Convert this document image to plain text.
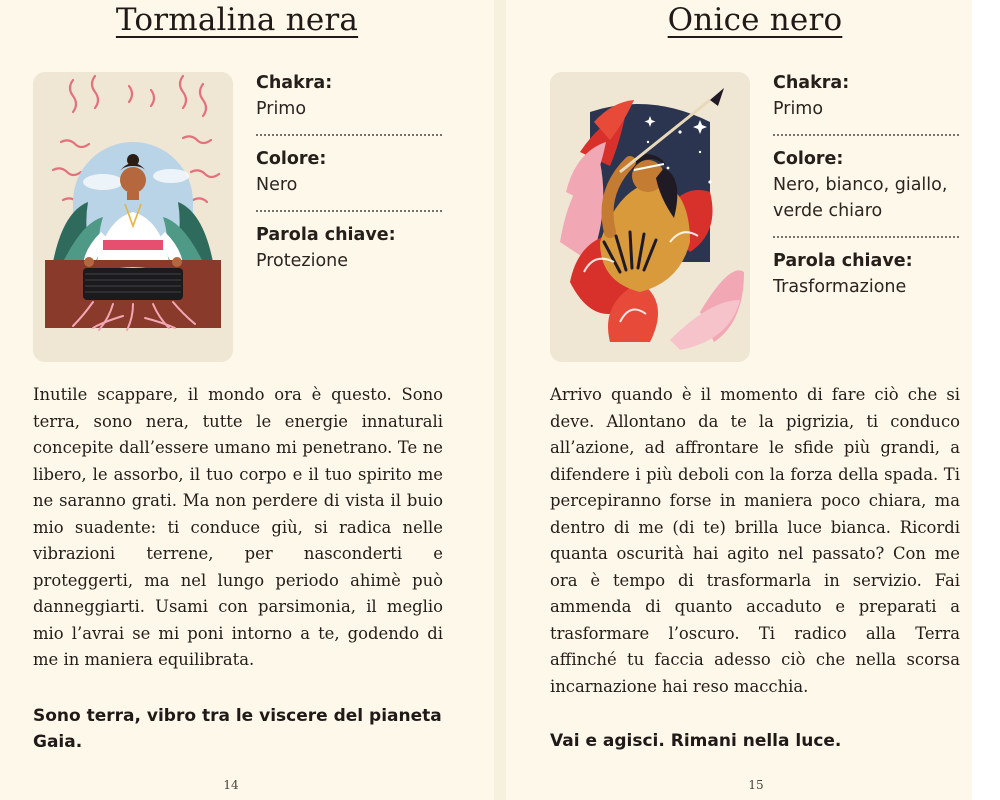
Tormalina nera
Chakra:
Primo
Colore:
Nero
Parola chiave:
Protezione

Inutile scappare, il mondo ora è questo. Sono terra, sono nera, tutte le energie innaturali concepite dall’essere umano mi penetrano. Te ne libero, le assorbo, il tuo corpo e il tuo spirito me ne saranno grati. Ma non perdere di vista il buio mio suadente: ti conduce giù, si radica nelle vibrazioni terrene, per nasconderti e proteggerti, ma nel lungo periodo ahimè può danneggiarti. Usami con parsimonia, il meglio mio l’avrai se mi poni intorno a te, godendo di me in maniera equilibrata.

Sono terra, vibro tra le viscere del pianeta Gaia.

14
Onice nero
Chakra:
Primo
Colore:
Nero, bianco, giallo, verde chiaro
Parola chiave:
Trasformazione

Arrivo quando è il momento di fare ciò che si deve. Allontano da te la pigrizia, ti conduco all’azione, ad affrontare le sfide più grandi, a difendere i più deboli con la forza della spada. Ti percepiranno forse in maniera poco chiara, ma dentro di me (di te) brilla luce bianca. Ricordi quanta oscurità hai agito nel passato? Con me ora è tempo di trasformarla in servizio. Fai ammenda di quanto accaduto e preparati a trasformare l’oscuro. Ti radico alla Terra affinché tu faccia adesso ciò che nella scorsa incarnazione hai reso macchia.

Vai e agisci. Rimani nella luce.

15
